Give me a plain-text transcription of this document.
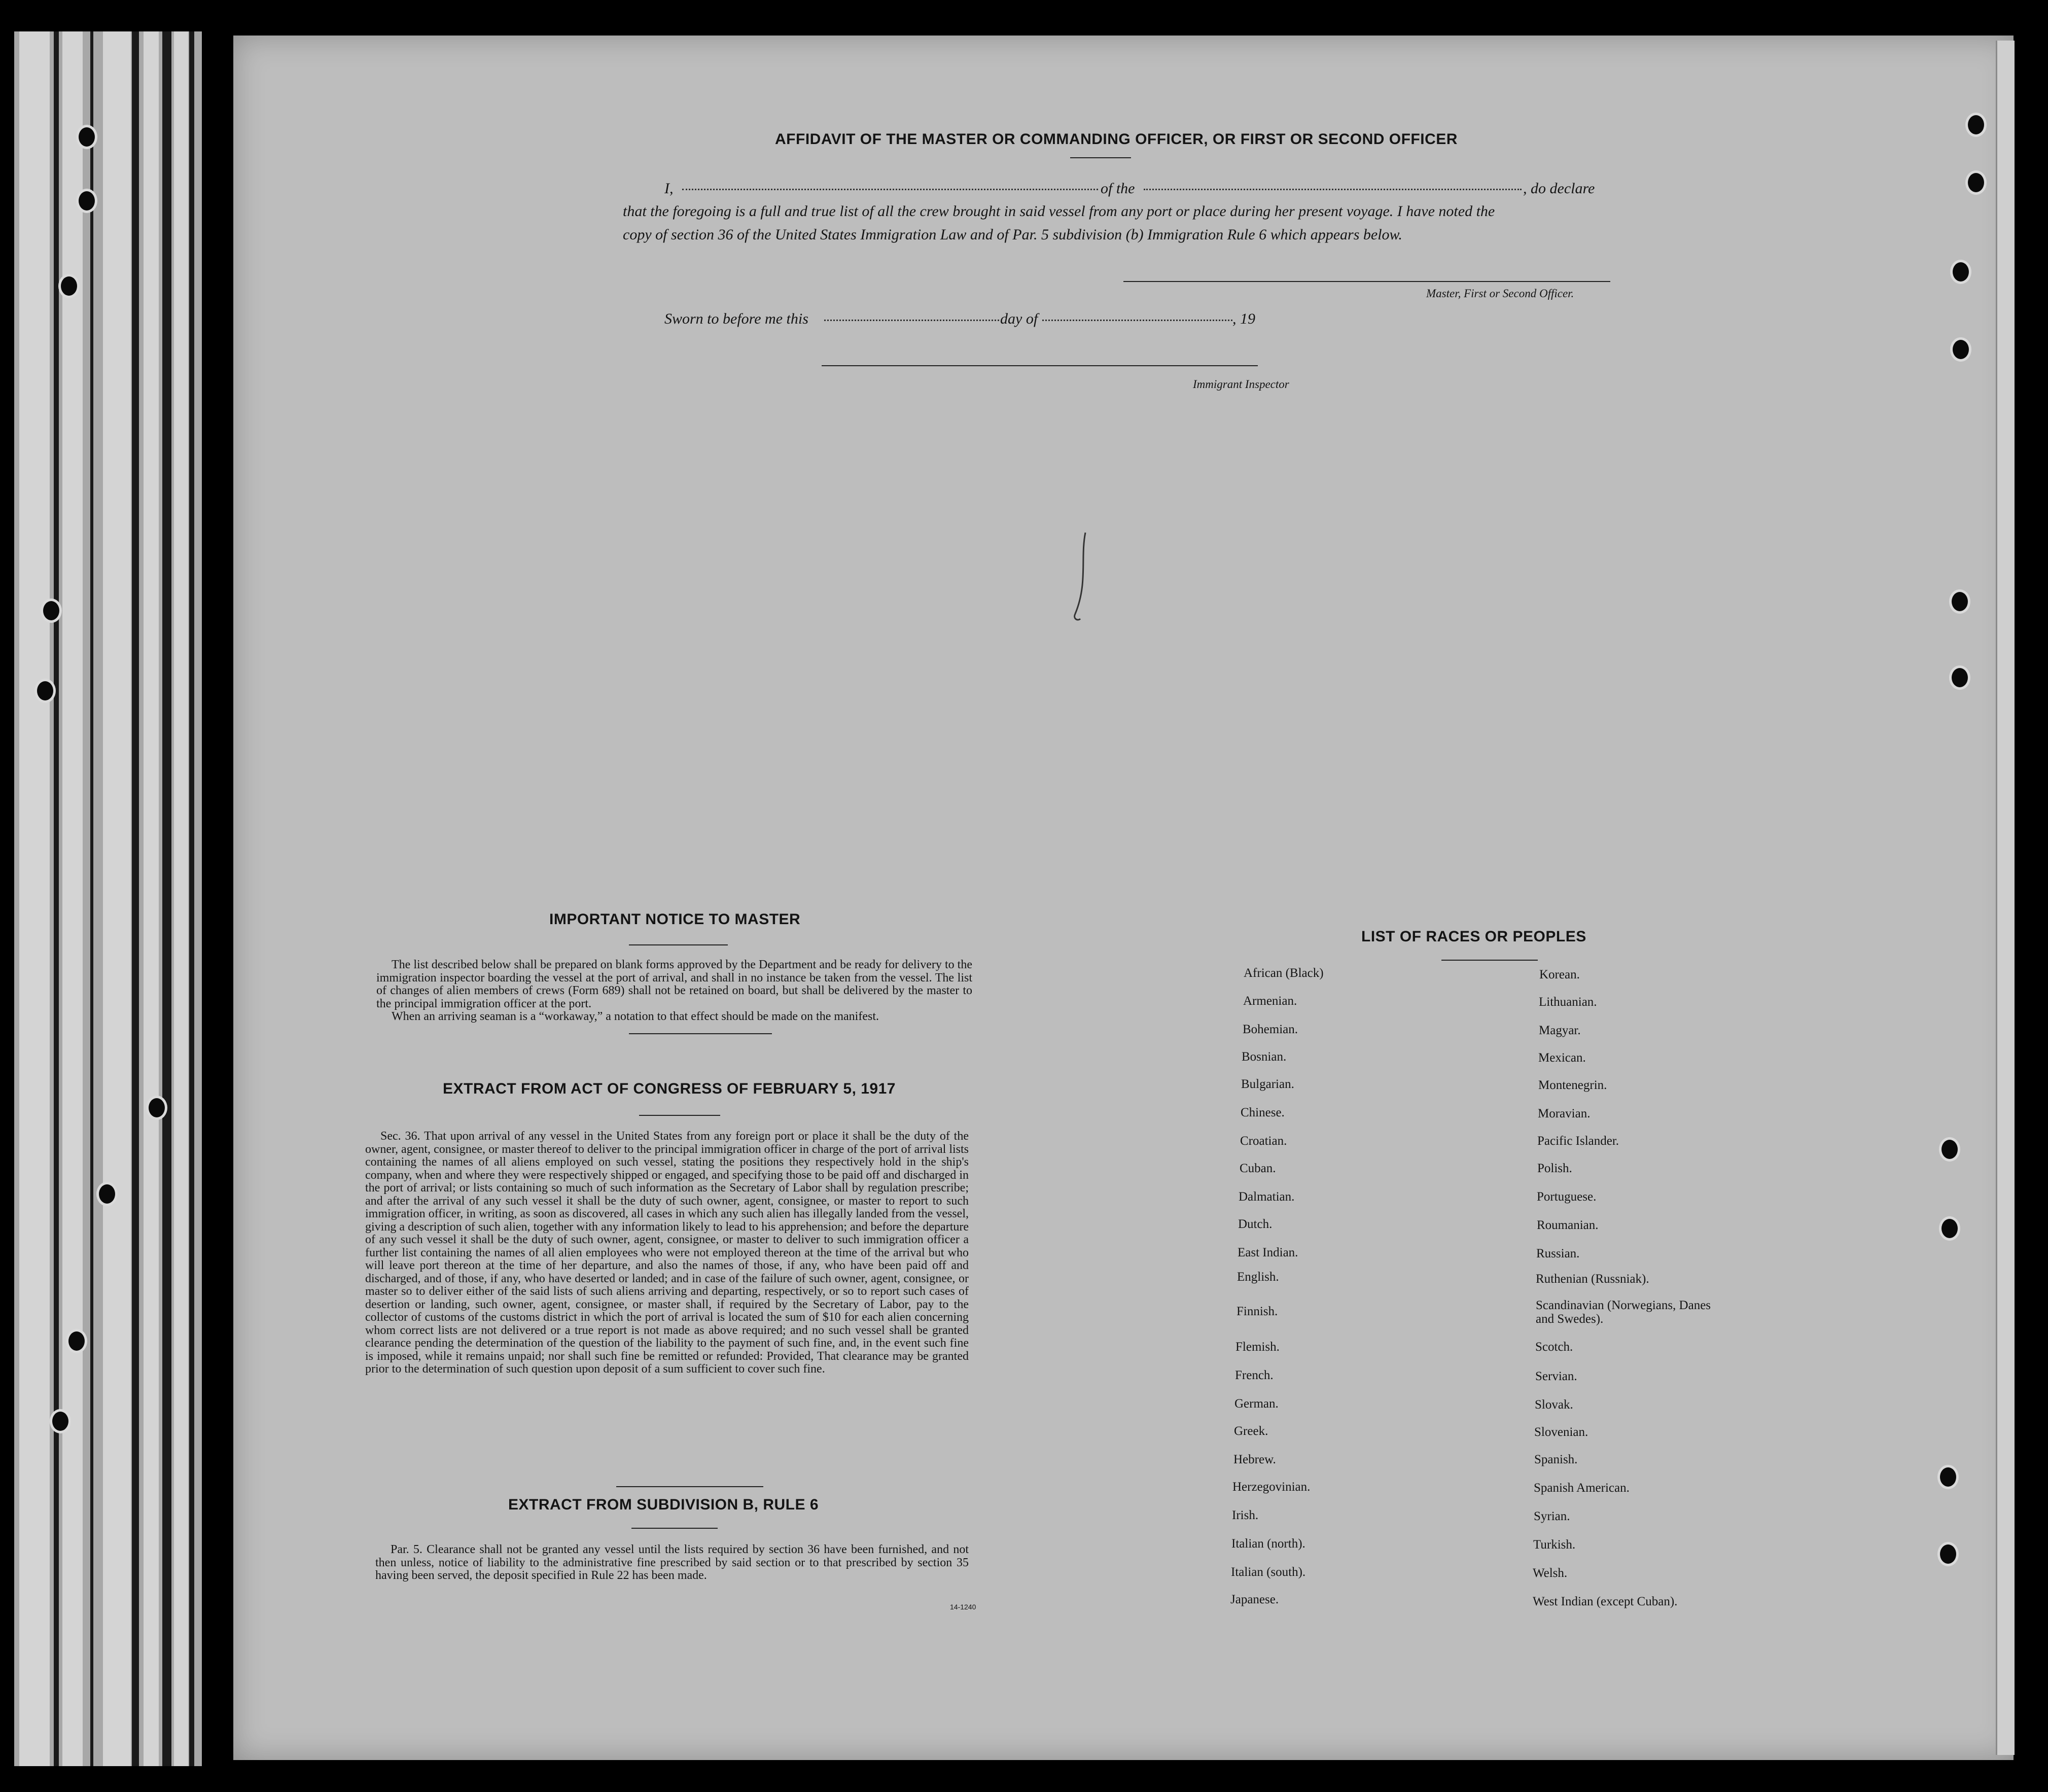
AFFIDAVIT OF THE MASTER OR COMMANDING OFFICER, OR FIRST OR SECOND OFFICER
I,	of the	, do declare
that the foregoing is a full and true list of all the crew brought in said vessel from any port or place during her present voyage. I have noted the
copy of section 36 of the United States Immigration Law and of Par. 5 subdivision (b) Immigration Rule 6 which appears below.
Master, First or Second Officer.
Sworn to before me this	day of	, 19
Immigrant Inspector
IMPORTANT NOTICE TO MASTER

The list described below shall be prepared on blank forms approved by the Department and be ready for delivery to the immigration inspector boarding the vessel at the port of arrival, and shall in no instance be taken from the vessel. The list of changes of alien members of crews (Form 689) shall not be retained on board, but shall be delivered by the master to the principal immigration officer at the port.

When an arriving seaman is a “workaway,” a notation to that effect should be made on the manifest.

EXTRACT FROM ACT OF CONGRESS OF FEBRUARY 5, 1917

Sec. 36. That upon arrival of any vessel in the United States from any foreign port or place it shall be the duty of the owner, agent, consignee, or master thereof to deliver to the principal immigration officer in charge of the port of arrival lists containing the names of all aliens employed on such vessel, stating the positions they respectively hold in the ship's company, when and where they were respectively shipped or engaged, and specifying those to be paid off and discharged in the port of arrival; or lists containing so much of such information as the Secretary of Labor shall by regulation prescribe; and after the arrival of any such vessel it shall be the duty of such owner, agent, consignee, or master to report to such immigration officer, in writing, as soon as discovered, all cases in which any such alien has illegally landed from the vessel, giving a description of such alien, together with any information likely to lead to his apprehension; and before the departure of any such vessel it shall be the duty of such owner, agent, consignee, or master to deliver to such immigration officer a further list containing the names of all alien employees who were not employed thereon at the time of the arrival but who will leave port thereon at the time of her departure, and also the names of those, if any, who have been paid off and discharged, and of those, if any, who have deserted or landed; and in case of the failure of such owner, agent, consignee, or master so to deliver either of the said lists of such aliens arriving and departing, respectively, or so to report such cases of desertion or landing, such owner, agent, consignee, or master shall, if required by the Secretary of Labor, pay to the collector of customs of the customs district in which the port of arrival is located the sum of $10 for each alien concerning whom correct lists are not delivered or a true report is not made as above required; and no such vessel shall be granted clearance pending the determination of the question of the liability to the payment of such fine, and, in the event such fine is imposed, while it remains unpaid; nor shall such fine be remitted or refunded: Provided, That clearance may be granted prior to the determination of such question upon deposit of a sum sufficient to cover such fine.

EXTRACT FROM SUBDIVISION B, RULE 6

Par. 5. Clearance shall not be granted any vessel until the lists required by section 36 have been furnished, and not then unless, notice of liability to the administrative fine prescribed by said section or to that prescribed by section 35 having been served, the deposit specified in Rule 22 has been made.

14-1240
LIST OF RACES OR PEOPLES
African (Black)
Armenian.
Bohemian.
Bosnian.
Bulgarian.
Chinese.
Croatian.
Cuban.
Dalmatian.
Dutch.
East Indian.
English.
Finnish.
Flemish.
French.
German.
Greek.
Hebrew.
Herzegovinian.
Irish.
Italian (north).
Italian (south).
Japanese.
Korean.
Lithuanian.
Magyar.
Mexican.
Montenegrin.
Moravian.
Pacific Islander.
Polish.
Portuguese.
Roumanian.
Russian.
Ruthenian (Russniak).
Scandinavian (Norwegians, Danes and Swedes).
Scotch.
Servian.
Slovak.
Slovenian.
Spanish.
Spanish American.
Syrian.
Turkish.
Welsh.
West Indian (except Cuban).
